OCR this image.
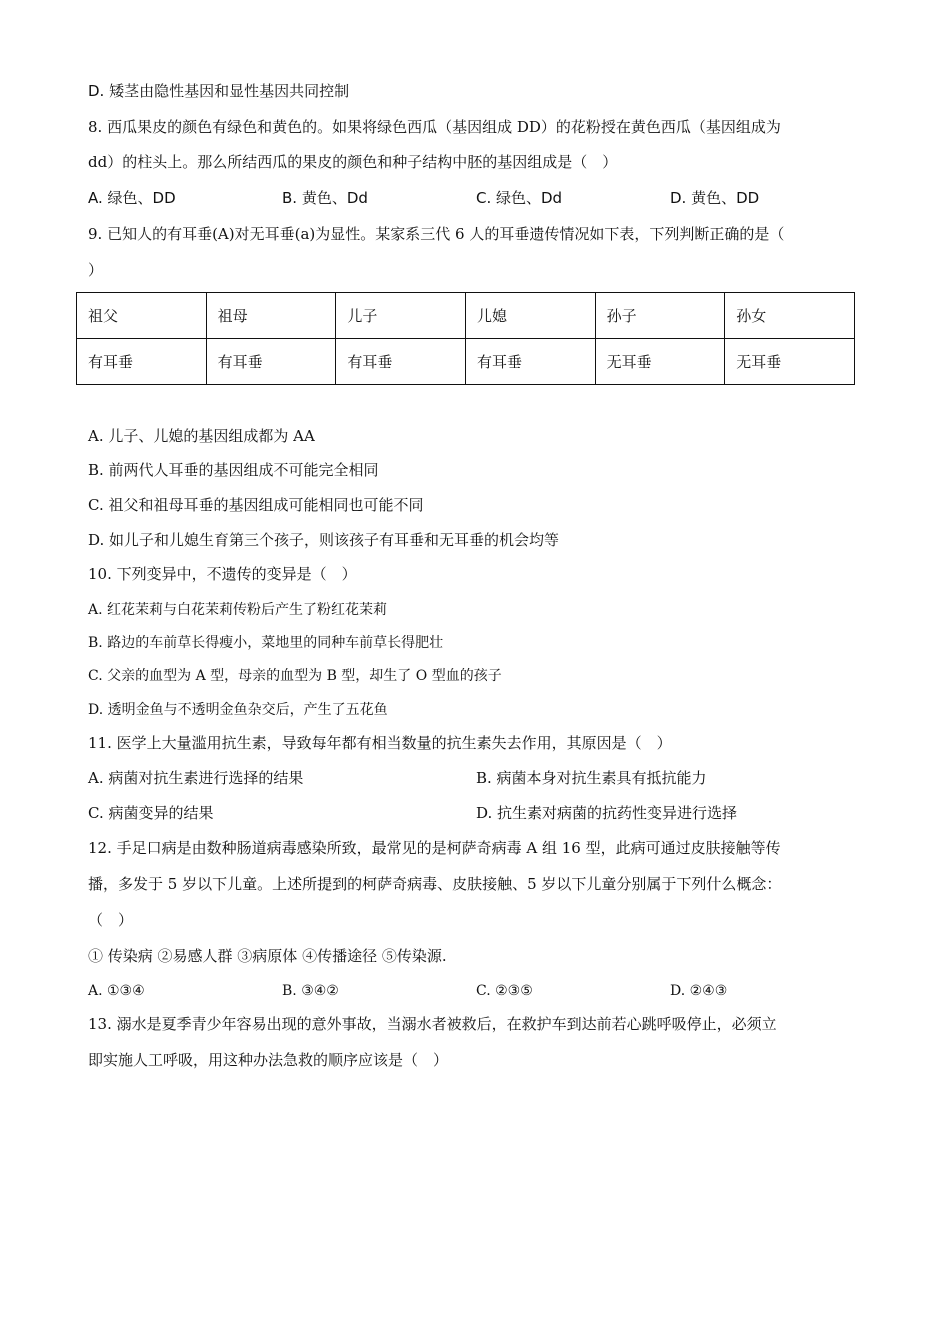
D. 矮茎由隐性基因和显性基因共同控制
8. 西瓜果皮的颜色有绿色和黄色的。如果将绿色西瓜（基因组成 DD）的花粉授在黄色西瓜（基因组成为
dd）的柱头上。那么所结西瓜的果皮的颜色和种子结构中胚的基因组成是（　）
A. 绿色、DD	B. 黄色、Dd	C. 绿色、Dd	D. 黄色、DD
9. 已知人的有耳垂(A)对无耳垂(a)为显性。某家系三代 6 人的耳垂遗传情况如下表，下列判断正确的是（
）
祖父	祖母	儿子	儿媳	孙子	孙女
有耳垂	有耳垂	有耳垂	有耳垂	无耳垂	无耳垂
A. 儿子、儿媳的基因组成都为 AA
B. 前两代人耳垂的基因组成不可能完全相同
C. 祖父和祖母耳垂的基因组成可能相同也可能不同
D. 如儿子和儿媳生育第三个孩子，则该孩子有耳垂和无耳垂的机会均等
10. 下列变异中，不遗传的变异是（　）
A. 红花茉莉与白花茉莉传粉后产生了粉红花茉莉
B. 路边的车前草长得瘦小，菜地里的同种车前草长得肥壮
C. 父亲的血型为 A 型，母亲的血型为 B 型，却生了 O 型血的孩子
D. 透明金鱼与不透明金鱼杂交后，产生了五花鱼
11. 医学上大量滥用抗生素，导致每年都有相当数量的抗生素失去作用，其原因是（　）
A. 病菌对抗生素进行选择的结果	B. 病菌本身对抗生素具有抵抗能力
C. 病菌变异的结果	D. 抗生素对病菌的抗药性变异进行选择
12. 手足口病是由数种肠道病毒感染所致，最常见的是柯萨奇病毒 A 组 16 型，此病可通过皮肤接触等传
播，多发于 5 岁以下儿童。上述所提到的柯萨奇病毒、皮肤接触、5 岁以下儿童分别属于下列什么概念：
（　）
① 传染病 ②易感人群 ③病原体 ④传播途径 ⑤传染源.
A. ①③④	B. ③④②	C. ②③⑤	D. ②④③
13. 溺水是夏季青少年容易出现的意外事故，当溺水者被救后，在救护车到达前若心跳呼吸停止，必须立
即实施人工呼吸，用这种办法急救的顺序应该是（　）
